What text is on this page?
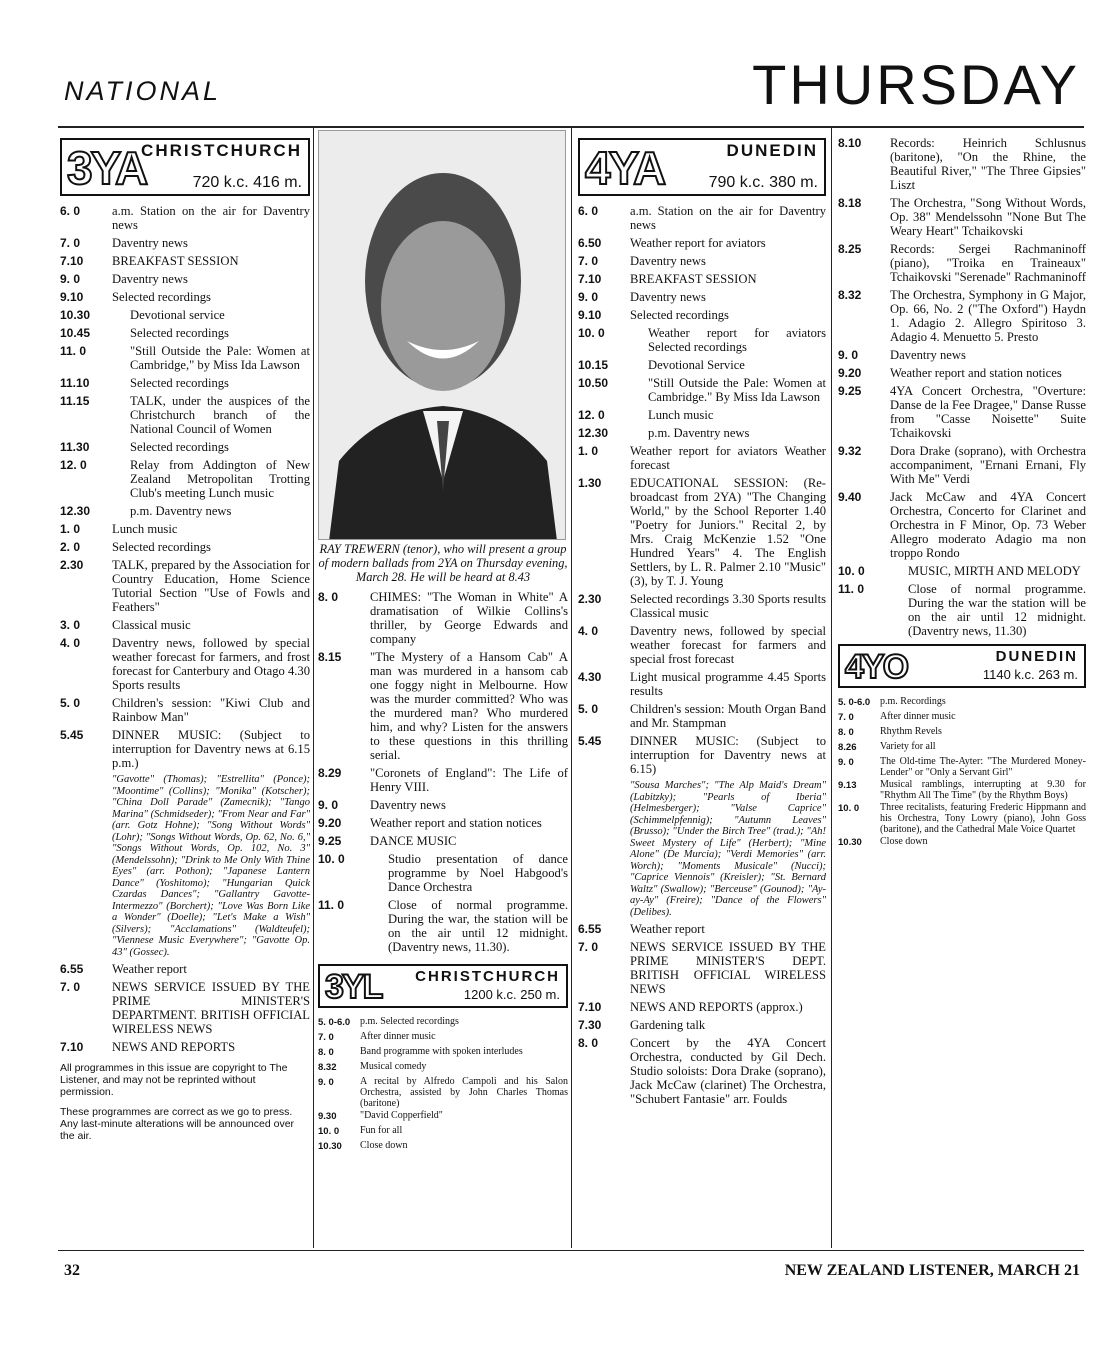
NATIONAL	THURSDAY
3YA
CHRISTCHURCH
720 k.c. 416 m.
6. 0	a.m. Station on the air for Daventry news
7. 0	Daventry news
7.10	BREAKFAST SESSION
9. 0	Daventry news
9.10	Selected recordings
10.30	Devotional service
10.45	Selected recordings
11. 0	"Still Outside the Pale: Women at Cambridge," by Miss Ida Lawson
11.10	Selected recordings
11.15	TALK, under the auspices of the Christchurch branch of the National Council of Women
11.30	Selected recordings
12. 0	Relay from Addington of New Zealand Metropolitan Trotting Club's meeting Lunch music
12.30	p.m. Daventry news
1. 0	Lunch music
2. 0	Selected recordings
2.30	TALK, prepared by the Association for Country Education, Home Science Tutorial Section "Use of Fowls and Feathers"
3. 0	Classical music
4. 0	Daventry news, followed by special weather forecast for farmers, and frost forecast for Canterbury and Otago 4.30 Sports results
5. 0	Children's session: "Kiwi Club and Rainbow Man"
5.45	DINNER MUSIC: (Subject to interruption for Daventry news at 6.15 p.m.)
"Gavotte" (Thomas); "Estrellita" (Ponce); "Moontime" (Collins); "Monika" (Kotscher); "China Doll Parade" (Zamecnik); "Tango Marina" (Schmidseder); "From Near and Far" (arr. Gotz Hohne); "Song Without Words" (Lohr); "Songs Without Words, Op. 62, No. 6," "Songs Without Words, Op. 102, No. 3" (Mendelssohn); "Drink to Me Only With Thine Eyes" (arr. Pothon); "Japanese Lantern Dance" (Yoshitomo); "Hungarian Quick Czardas Dances"; "Gallantry Gavotte-Intermezzo" (Borchert); "Love Was Born Like a Wonder" (Doelle); "Let's Make a Wish" (Silvers); "Acclamations" (Waldteufel); "Viennese Music Everywhere"; "Gavotte Op. 43" (Gossec).
6.55	Weather report
7. 0	NEWS SERVICE ISSUED BY THE PRIME MINISTER'S DEPARTMENT. BRITISH OFFICIAL WIRELESS NEWS
7.10	NEWS AND REPORTS
All programmes in this issue are copyright to The Listener, and may not be reprinted without permission.
These programmes are correct as we go to press. Any last-minute alterations will be announced over the air.
RAY TREWERN (tenor), who will present a group of modern ballads from 2YA on Thursday evening, March 28. He will be heard at 8.43
8. 0	CHIMES: "The Woman in White" A dramatisation of Wilkie Collins's thriller, by George Edwards and company
8.15	"The Mystery of a Hansom Cab" A man was murdered in a hansom cab one foggy night in Melbourne. How was the murder committed? Who was the murdered man? Who murdered him, and why? Listen for the answers to these questions in this thrilling serial.
8.29	"Coronets of England": The Life of Henry VIII.
9. 0	Daventry news
9.20	Weather report and station notices
9.25	DANCE MUSIC
10. 0	Studio presentation of dance programme by Noel Habgood's Dance Orchestra
11. 0	Close of normal programme. During the war, the station will be on the air until 12 midnight. (Daventry news, 11.30).
3YL CHRISTCHURCH
1200 k.c. 250 m.
5. 0-6.0 p.m. Selected recordings
7. 0	After dinner music
8. 0	Band programme with spoken interludes
8.32	Musical comedy
9. 0	A recital by Alfredo Campoli and his Salon Orchestra, assisted by John Charles Thomas (baritone)
9.30	"David Copperfield"
10. 0	Fun for all
10.30	Close down
4YA	DUNEDIN
790 k.c. 380 m.
6. 0	a.m. Station on the air for Daventry news
6.50	Weather report for aviators
7. 0	Daventry news
7.10	BREAKFAST SESSION
9. 0	Daventry news
9.10	Selected recordings
10. 0	Weather report for aviators Selected recordings
10.15	Devotional Service
10.50	"Still Outside the Pale: Women at Cambridge." By Miss Ida Lawson
12. 0	Lunch music
12.30	p.m. Daventry news
1. 0	Weather report for aviators Weather forecast
1.30	EDUCATIONAL SESSION: (Re-broadcast from 2YA) "The Changing World," by the School Reporter 1.40 "Poetry for Juniors." Recital 2, by Mrs. Craig McKenzie 1.52 "One Hundred Years" 4. The English Settlers, by L. R. Palmer 2.10 "Music" (3), by T. J. Young
2.30	Selected recordings 3.30 Sports results Classical music
4. 0	Daventry news, followed by special weather forecast for farmers and special frost forecast
4.30	Light musical programme 4.45 Sports results
5. 0	Children's session: Mouth Organ Band and Mr. Stampman
5.45	DINNER MUSIC: (Subject to interruption for Daventry news at 6.15)
"Sousa Marches"; "The Alp Maid's Dream" (Labitzky); "Pearls of Iberia" (Helmesberger); "Valse Caprice" (Schimmelpfennig); "Autumn Leaves" (Brusso); "Under the Birch Tree" (trad.); "Ah! Sweet Mystery of Life" (Herbert); "Mine Alone" (De Murcia); "Verdi Memories" (arr. Worch); "Moments Musicale" (Nucci); "Caprice Viennois" (Kreisler); "St. Bernard Waltz" (Swallow); "Berceuse" (Gounod); "Ay-ay-Ay" (Freire); "Dance of the Flowers" (Delibes).
6.55	Weather report
7. 0	NEWS SERVICE ISSUED BY THE PRIME MINISTER'S DEPT. BRITISH OFFICIAL WIRELESS NEWS
7.10	NEWS AND REPORTS (approx.)
7.30	Gardening talk
8. 0	Concert by the 4YA Concert Orchestra, conducted by Gil Dech. Studio soloists: Dora Drake (soprano), Jack McCaw (clarinet) The Orchestra, "Schubert Fantasie" arr. Foulds
8.10	Records: Heinrich Schlusnus (baritone), "On the Rhine, the Beautiful River," "The Three Gipsies" Liszt
8.18	The Orchestra, "Song Without Words, Op. 38" Mendelssohn "None But The Weary Heart" Tchaikovski
8.25	Records: Sergei Rachmaninoff (piano), "Troika en Traineaux" Tchaikovski "Serenade" Rachmaninoff
8.32	The Orchestra, Symphony in G Major, Op. 66, No. 2 ("The Oxford") Haydn 1. Adagio 2. Allegro Spiritoso 3. Adagio 4. Menuetto 5. Presto
9. 0	Daventry news
9.20	Weather report and station notices
9.25	4YA Concert Orchestra, "Overture: Danse de la Fee Dragee," Danse Russe from "Casse Noisette" Suite Tchaikovski
9.32	Dora Drake (soprano), with Orchestra accompaniment, "Ernani Ernani, Fly With Me" Verdi
9.40	Jack McCaw and 4YA Concert Orchestra, Concerto for Clarinet and Orchestra in F Minor, Op. 73 Weber Allegro moderato Adagio ma non troppo Rondo
10. 0	MUSIC, MIRTH AND MELODY
11. 0	Close of normal programme. During the war the station will be on the air until 12 midnight. (Daventry news, 11.30)
4YO	DUNEDIN
1140 k.c. 263 m.
5. 0-6.0 p.m. Recordings
7. 0	After dinner music
8. 0	Rhythm Revels
8.26	Variety for all
9. 0	The Old-time The-Ayter: "The Murdered Money-Lender" or "Only a Servant Girl"
9.13	Musical ramblings, interrupting at 9.30 for "Rhythm All The Time" (by the Rhythm Boys)
10. 0	Three recitalists, featuring Frederic Hippmann and his Orchestra, Tony Lowry (piano), John Goss (baritone), and the Cathedral Male Voice Quartet
10.30	Close down
32	NEW ZEALAND LISTENER, MARCH 21
